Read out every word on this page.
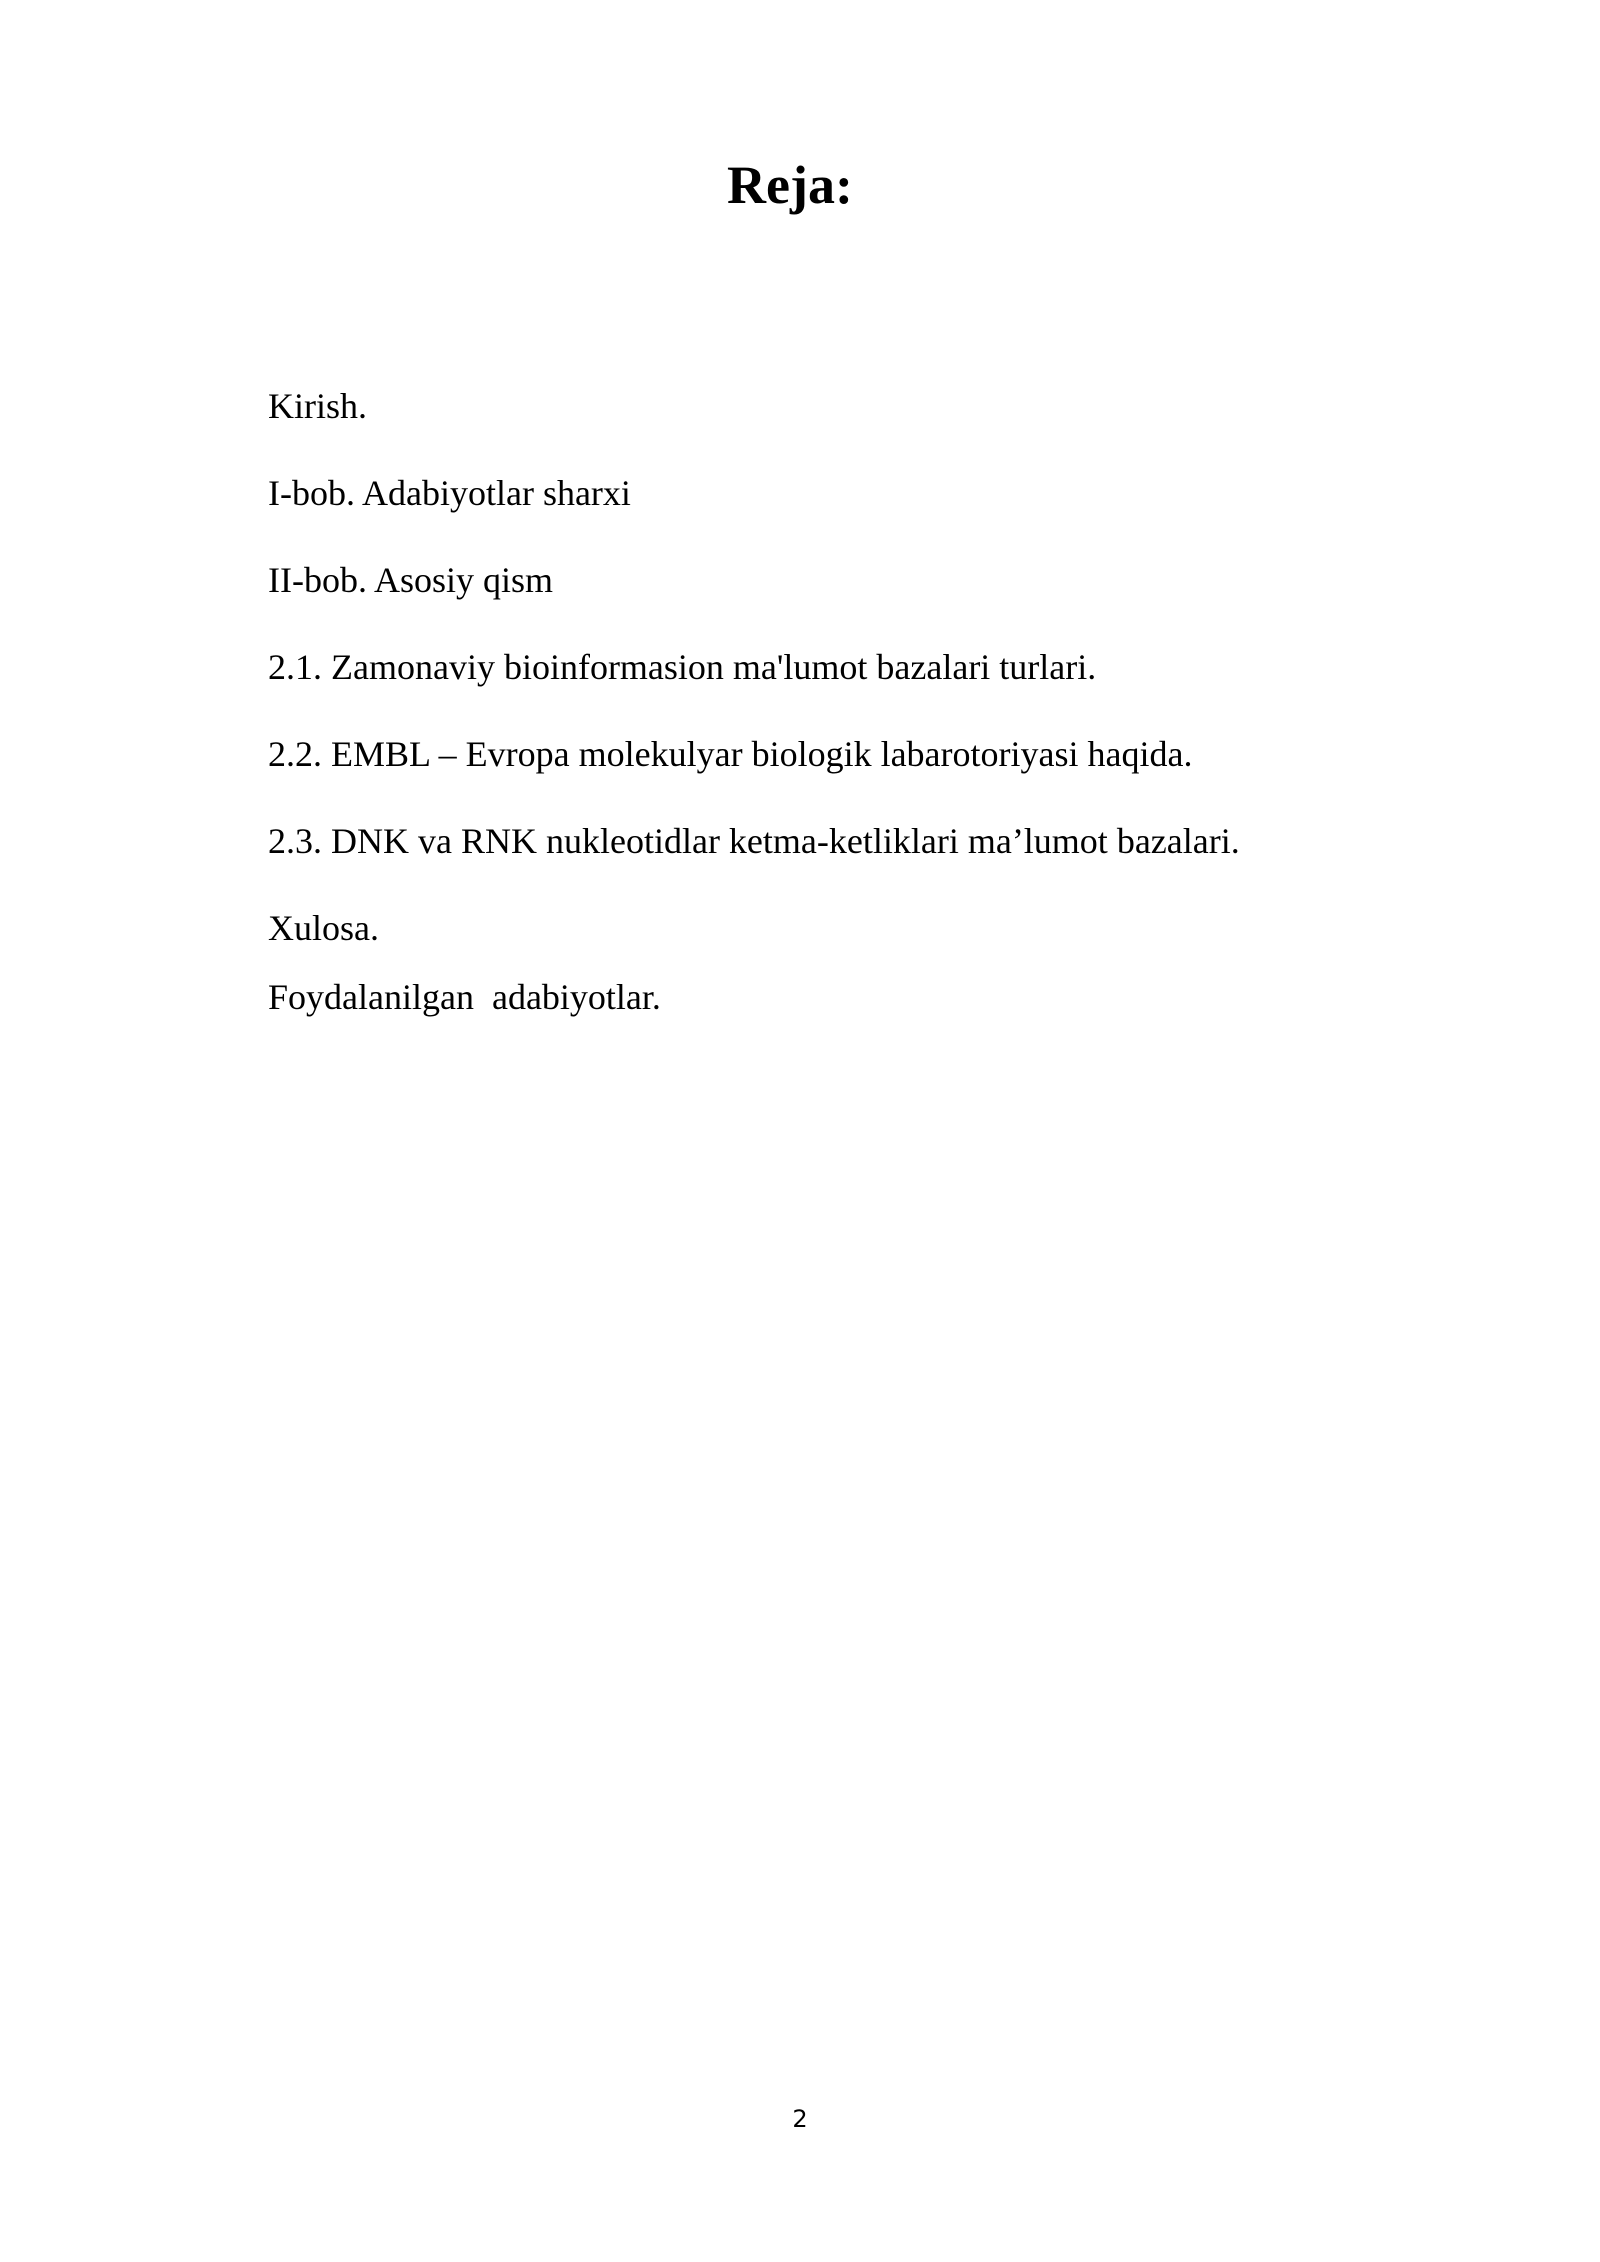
Reja:
Kirish.
I-bob. Adabiyotlar sharxi
II-bob. Asosiy qism
2.1. Zamonaviy bioinformasion ma'lumot bazalari turlari.
2.2. EMBL – Evropa molekulyar biologik labarotoriyasi haqida.
2.3. DNK va RNK nukleotidlar ketma-ketliklari ma’lumot bazalari.
Xulosa.
Foydalanilgan  adabiyotlar.
2
